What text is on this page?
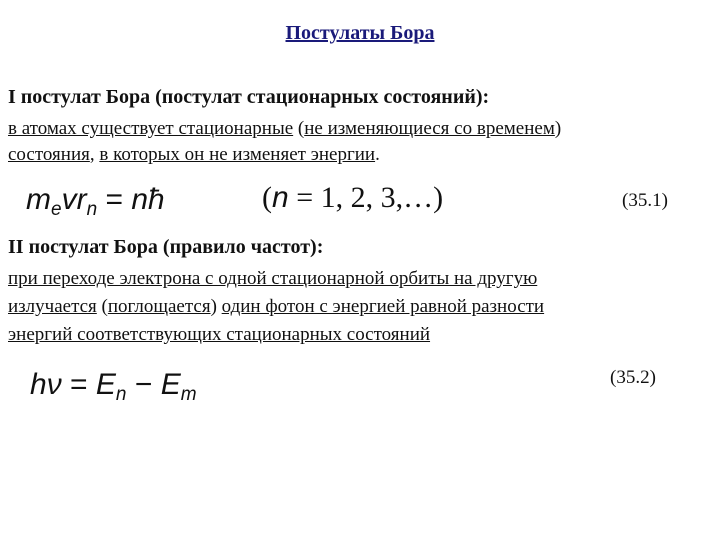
Постулаты Бора
I постулат Бора (постулат стационарных состояний):
в атомах существует стационарные (не изменяющиеся со временем)
состояния, в которых он не изменяет энергии.
$m_evr_n$ = nħ	(n = 1, 2, 3,…)	(35.1)
II постулат Бора (правило частот):
при переходе электрона с одной стационарной орбиты на другую
излучается (поглощается) один фотон с энергией равной разности
энергий соответствующих стационарных состояний
$h\nu = E_n - E_m$
(35.2)
